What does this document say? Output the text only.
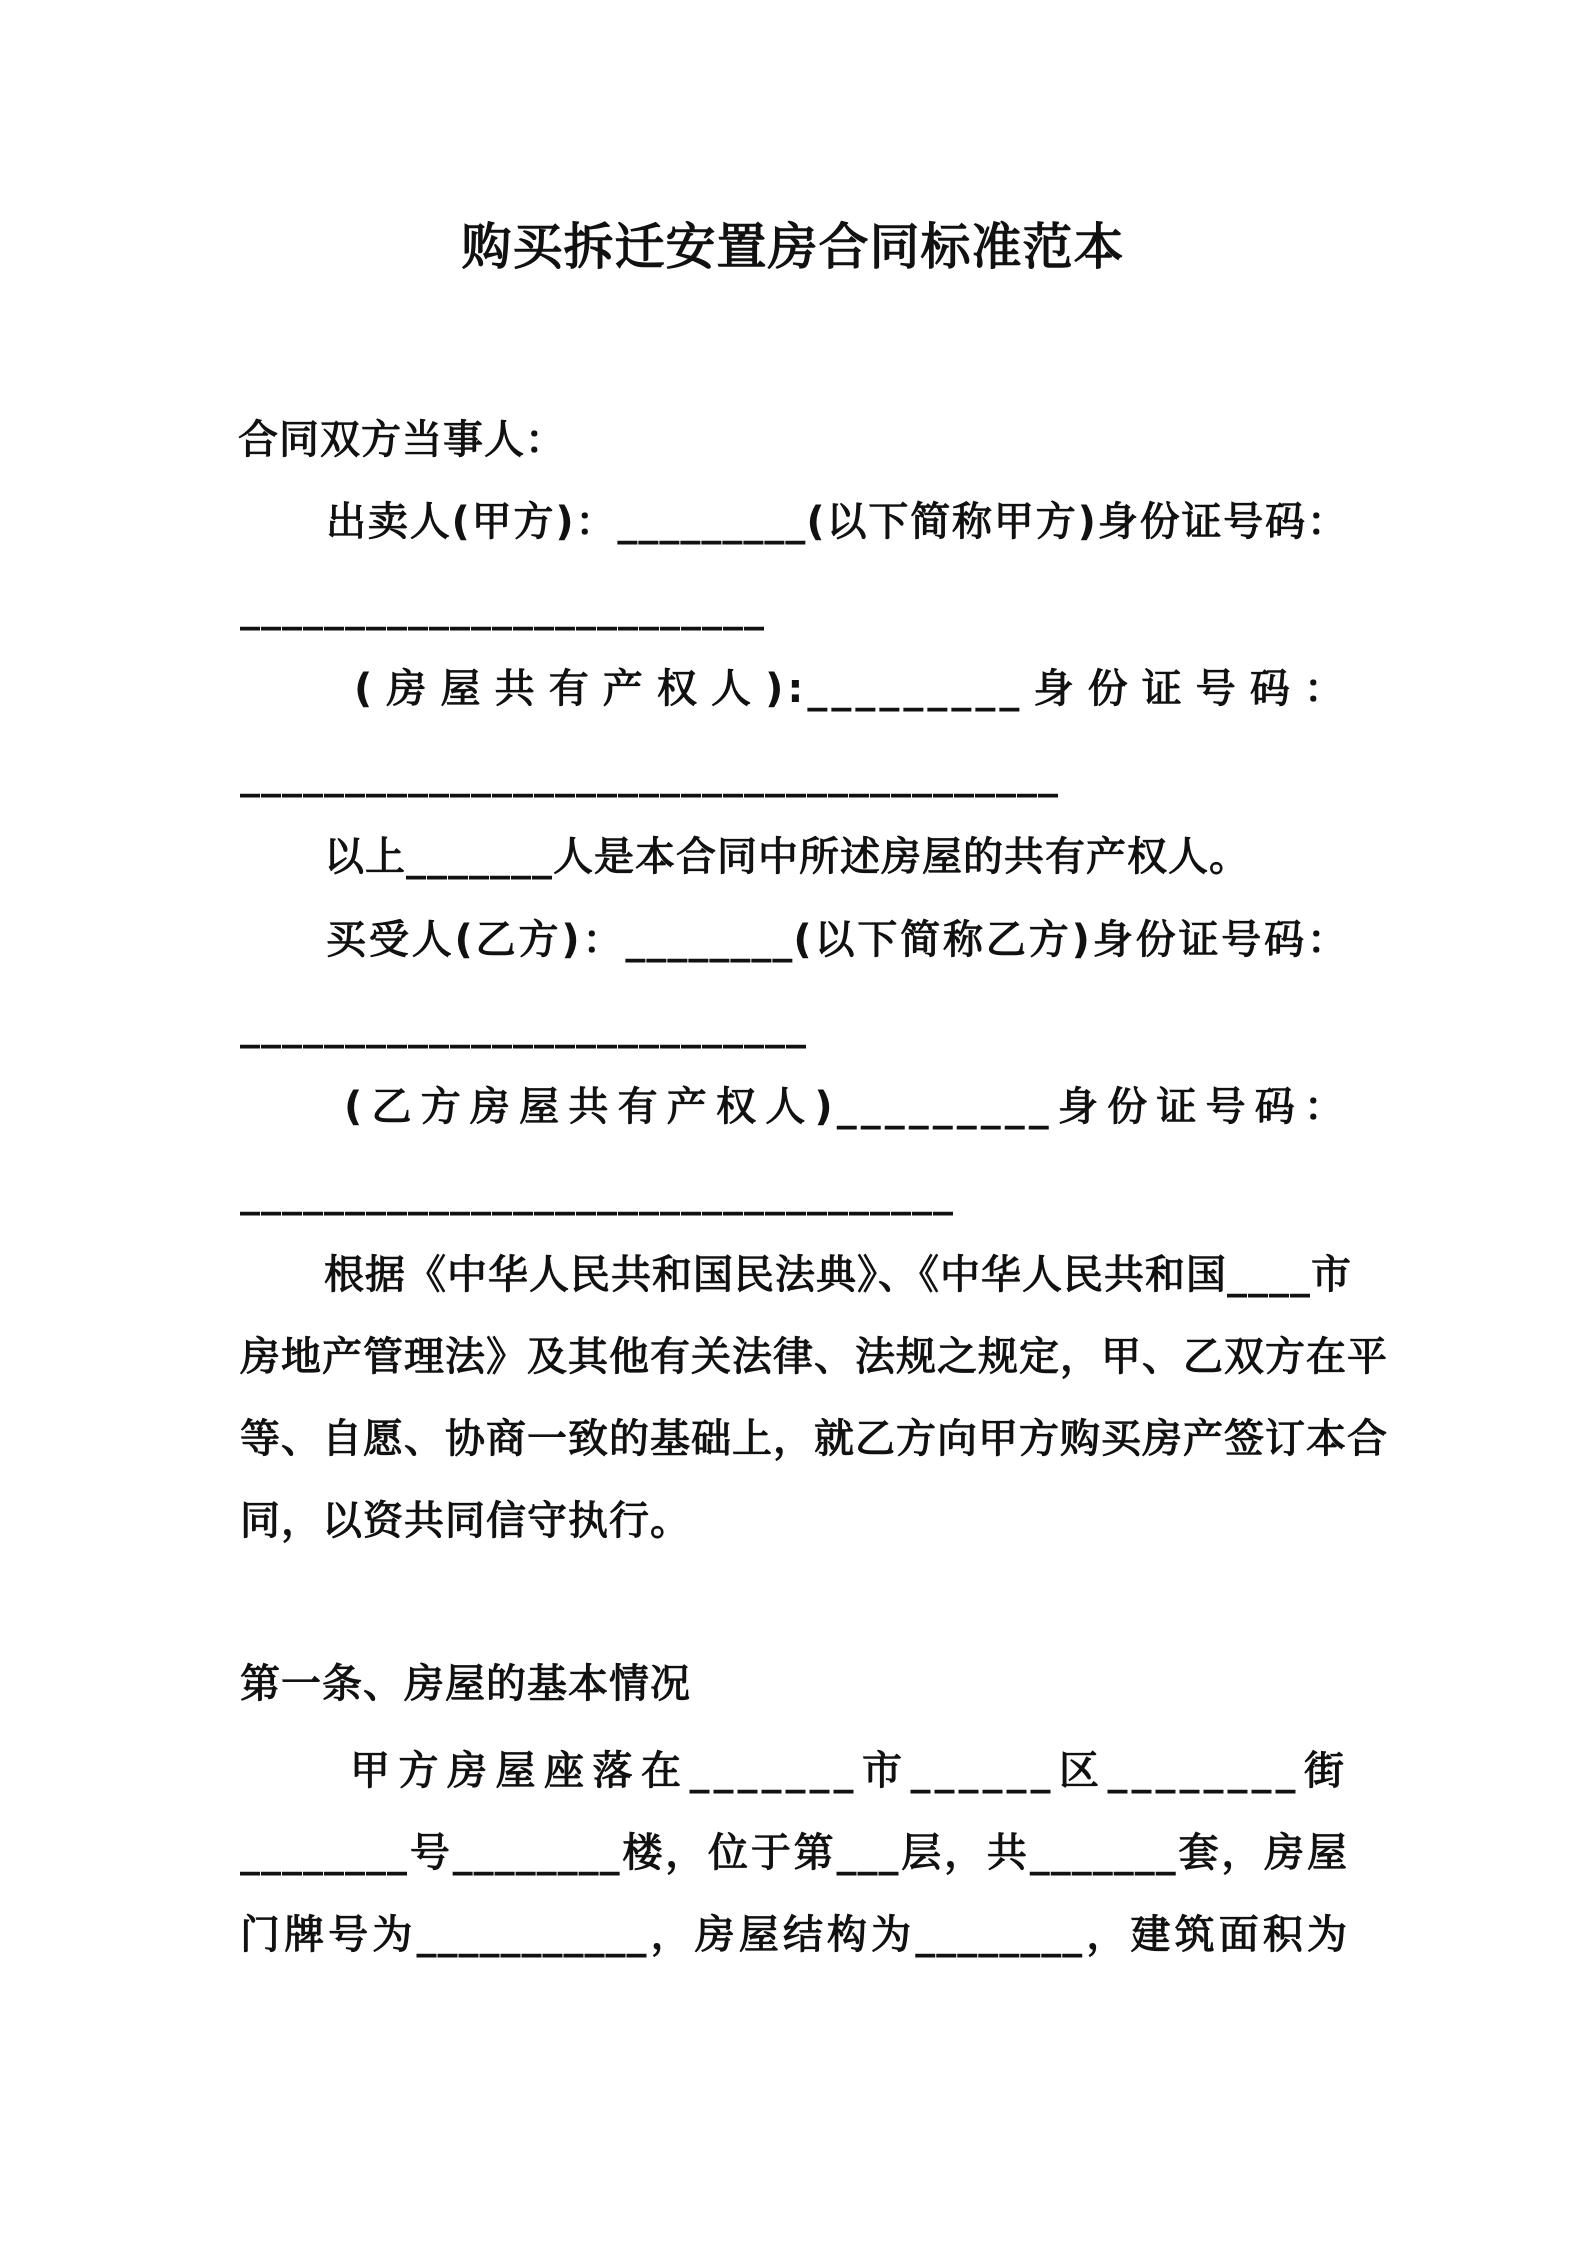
购买拆迁安置房合同标准范本
合同双方当事人：
出卖人(甲方)：_________(以下简称甲方)身份证号码：
_________________________
(房屋共有产权人):_________身份证号码：
_______________________________________
以上_______人是本合同中所述房屋的共有产权人。
买受人(乙方)：________(以下简称乙方)身份证号码：
___________________________
(乙方房屋共有产权人)_________身份证号码：
__________________________________
根据《中华人民共和国民法典》、《中华人民共和国____市
房地产管理法》及其他有关法律、法规之规定，甲、乙双方在平
等、自愿、协商一致的基础上，就乙方向甲方购买房产签订本合
同，以资共同信守执行。
第一条、房屋的基本情况
甲方房屋座落在_______市______区________街
________号________楼，位于第___层，共_______套，房屋
门牌号为___________，房屋结构为________，建筑面积为
